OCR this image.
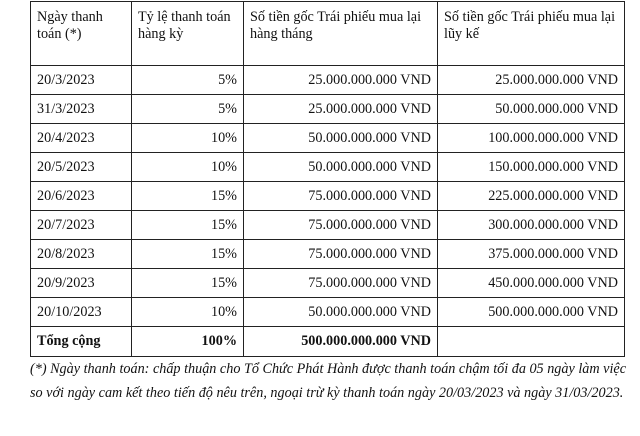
Ngày thanh toán (*)	Tỷ lệ thanh toán hàng kỳ	Số tiền gốc Trái phiếu mua lại hàng tháng	Số tiền gốc Trái phiếu mua lại lũy kế
20/3/2023	5%	25.000.000.000 VND	25.000.000.000 VND
31/3/2023	5%	25.000.000.000 VND	50.000.000.000 VND
20/4/2023	10%	50.000.000.000 VND	100.000.000.000 VND
20/5/2023	10%	50.000.000.000 VND	150.000.000.000 VND
20/6/2023	15%	75.000.000.000 VND	225.000.000.000 VND
20/7/2023	15%	75.000.000.000 VND	300.000.000.000 VND
20/8/2023	15%	75.000.000.000 VND	375.000.000.000 VND
20/9/2023	15%	75.000.000.000 VND	450.000.000.000 VND
20/10/2023	10%	50.000.000.000 VND	500.000.000.000 VND
Tổng cộng	100%	500.000.000.000 VND	

(*) Ngày thanh toán: chấp thuận cho Tổ Chức Phát Hành được thanh toán chậm tối đa 05 ngày làm việc so với ngày cam kết theo tiến độ nêu trên, ngoại trừ kỳ thanh toán ngày 20/03/2023 và ngày 31/03/2023.
